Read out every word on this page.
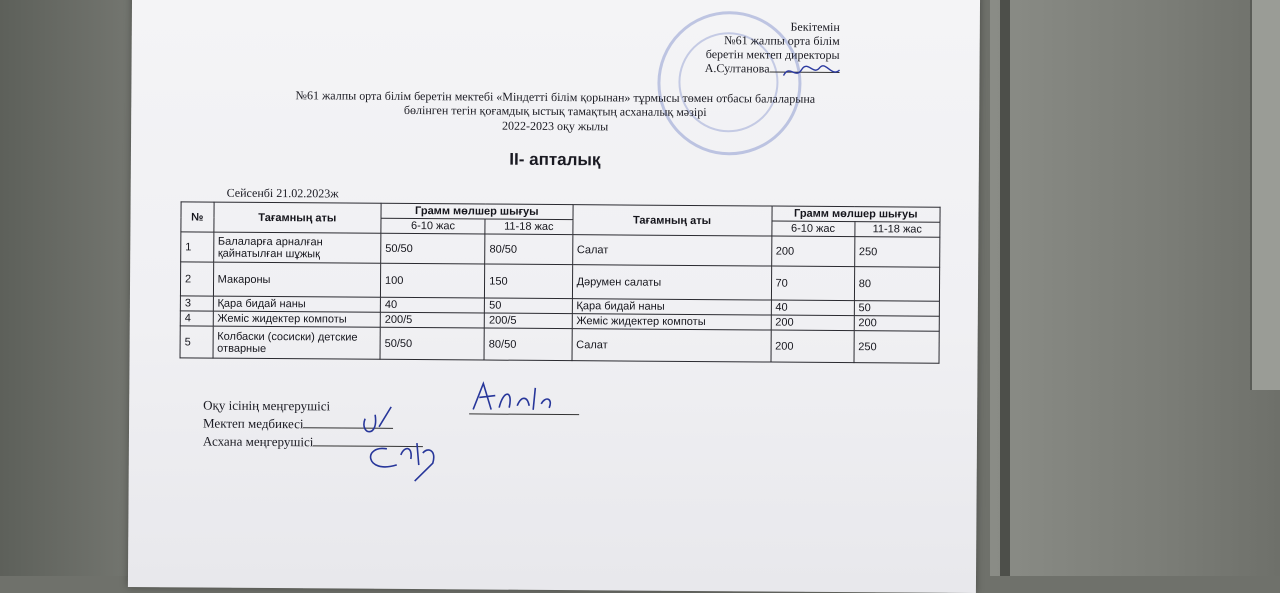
Бекітемін
№61 жалпы орта білім
беретін мектеп директоры
А.Султанова
№61 жалпы орта білім беретін мектебі «Міндетті білім қорынан» тұрмысы төмен отбасы балаларына
бөлінген тегін қоғамдық ыстық тамақтың асханалық мәзірі
2022-2023 оқу жылы
ІІ- апталық
Сейсенбі 21.02.2023ж
№	Тағамның аты	Грамм мөлшер шығуы		Тағамның аты	Грамм мөлшер шығуы	
		6-10 жас	11-18 жас		6-10 жас	11-18 жас
1	Балаларға арналған қайнатылған шұжық	50/50	80/50	Салат	200	250
2	Макароны	100	150	Дәрумен салаты	70	80
3	Қара бидай наны	40	50	Қара бидай наны	40	50
4	Жеміс жидектер компоты	200/5	200/5	Жеміс жидектер компоты	200	200
5	Колбаски (сосиски) детские отварные	50/50	80/50	Салат	200	250
Оқу ісінің меңгерушісі
Мектеп медбикесі
Асхана меңгерушісі
